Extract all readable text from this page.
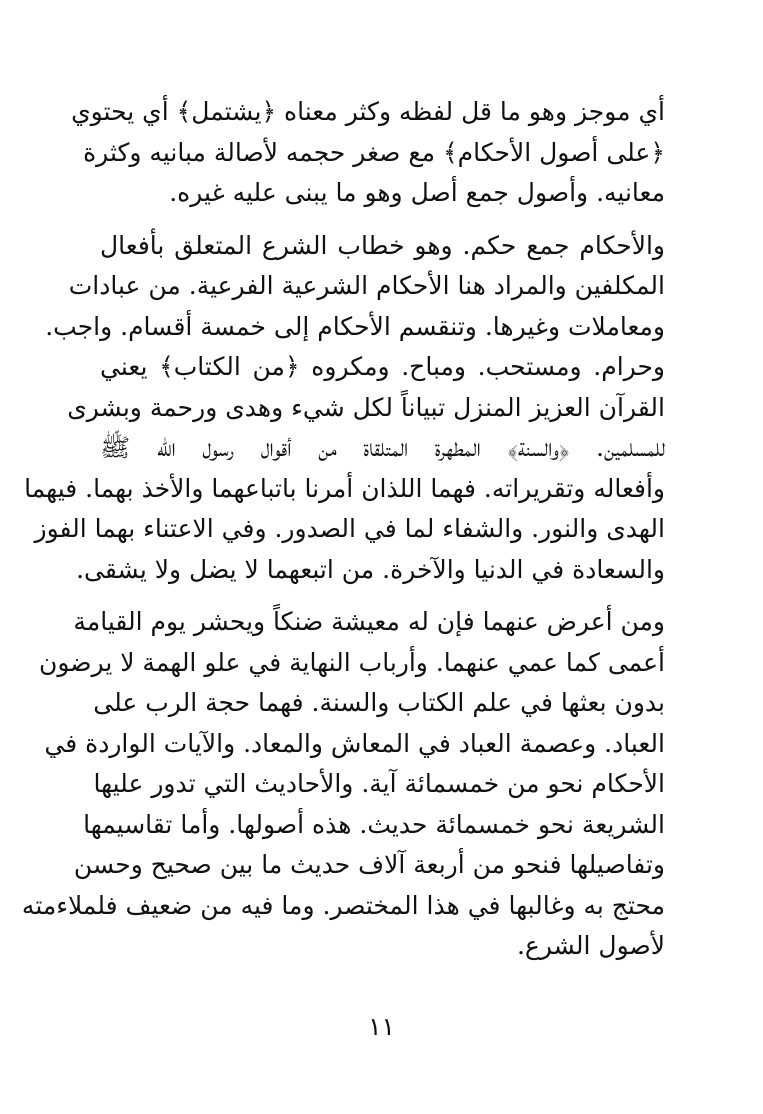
أي موجز وهو ما قل لفظه وكثر معناه ﴿يشتمل﴾ أي يحتوي
﴿على أصول الأحكام﴾ مع صغر حجمه لأصالة مبانيه وكثرة
معانيه. وأصول جمع أصل وهو ما يبنى عليه غيره.
والأحكام جمع حكم. وهو خطاب الشرع المتعلق بأفعال
المكلفين والمراد هنا الأحكام الشرعية الفرعية. من عبادات
ومعاملات وغيرها. وتنقسم الأحكام إلى خمسة أقسام. واجب.
وحرام. ومستحب. ومباح. ومكروه ﴿من الكتاب﴾ يعني
القرآن العزيز المنزل تبياناً لكل شيء وهدى ورحمة وبشرى
للمسلمين. ﴿والسنة﴾ المطهرة المتلقاة من أقوال رسول الله ﷺ
وأفعاله وتقريراته. فهما اللذان أمرنا باتباعهما والأخذ بهما. فيهما
الهدى والنور. والشفاء لما في الصدور. وفي الاعتناء بهما الفوز
والسعادة في الدنيا والآخرة. من اتبعهما لا يضل ولا يشقى.
ومن أعرض عنهما فإن له معيشة ضنكاً ويحشر يوم القيامة
أعمى كما عمي عنهما. وأرباب النهاية في علو الهمة لا يرضون
بدون بعثها في علم الكتاب والسنة. فهما حجة الرب على
العباد. وعصمة العباد في المعاش والمعاد. والآيات الواردة في
الأحكام نحو من خمسمائة آية. والأحاديث التي تدور عليها
الشريعة نحو خمسمائة حديث. هذه أصولها. وأما تقاسيمها
وتفاصيلها فنحو من أربعة آلاف حديث ما بين صحيح وحسن
محتج به وغالبها في هذا المختصر. وما فيه من ضعيف فلملاءمته
لأصول الشرع.
١١
